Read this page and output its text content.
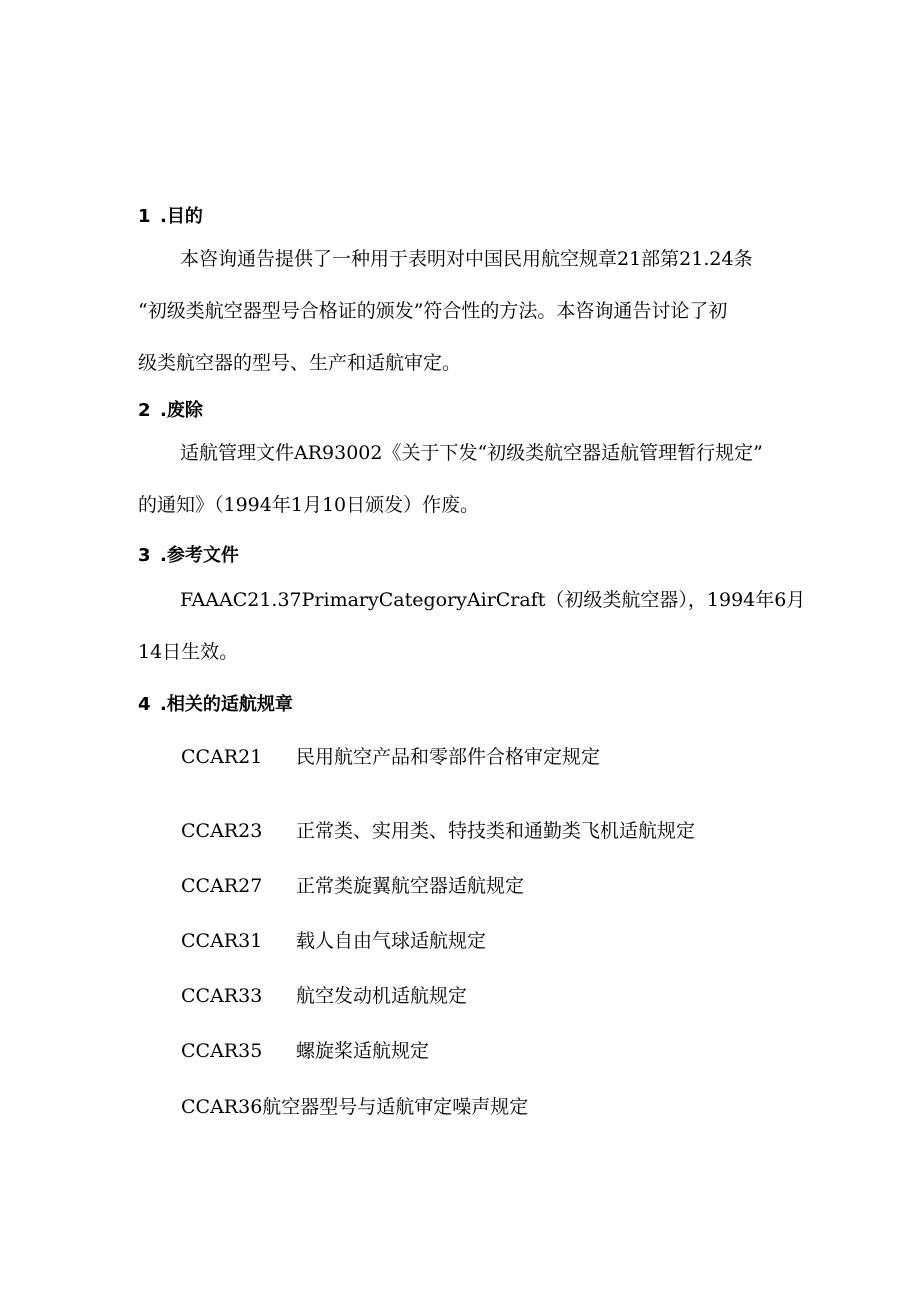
1 .目的
本咨询通告提供了一种用于表明对中国民用航空规章21部第21.24条
“初级类航空器型号合格证的颁发”符合性的方法。本咨询通告讨论了初
级类航空器的型号、生产和适航审定。
2 .废除
适航管理文件AR93002《关于下发“初级类航空器适航管理暂行规定”
的通知》（1994年1月10日颁发）作废。
3 .参考文件
FAAAC21.37PrimaryCategoryAirCraft（初级类航空器），1994年6月
14日生效。
4 .相关的适航规章
CCAR21 民用航空产品和零部件合格审定规定
CCAR23 正常类、实用类、特技类和通勤类飞机适航规定
CCAR27 正常类旋翼航空器适航规定
CCAR31 载人自由气球适航规定
CCAR33 航空发动机适航规定
CCAR35 螺旋桨适航规定
CCAR36航空器型号与适航审定噪声规定
